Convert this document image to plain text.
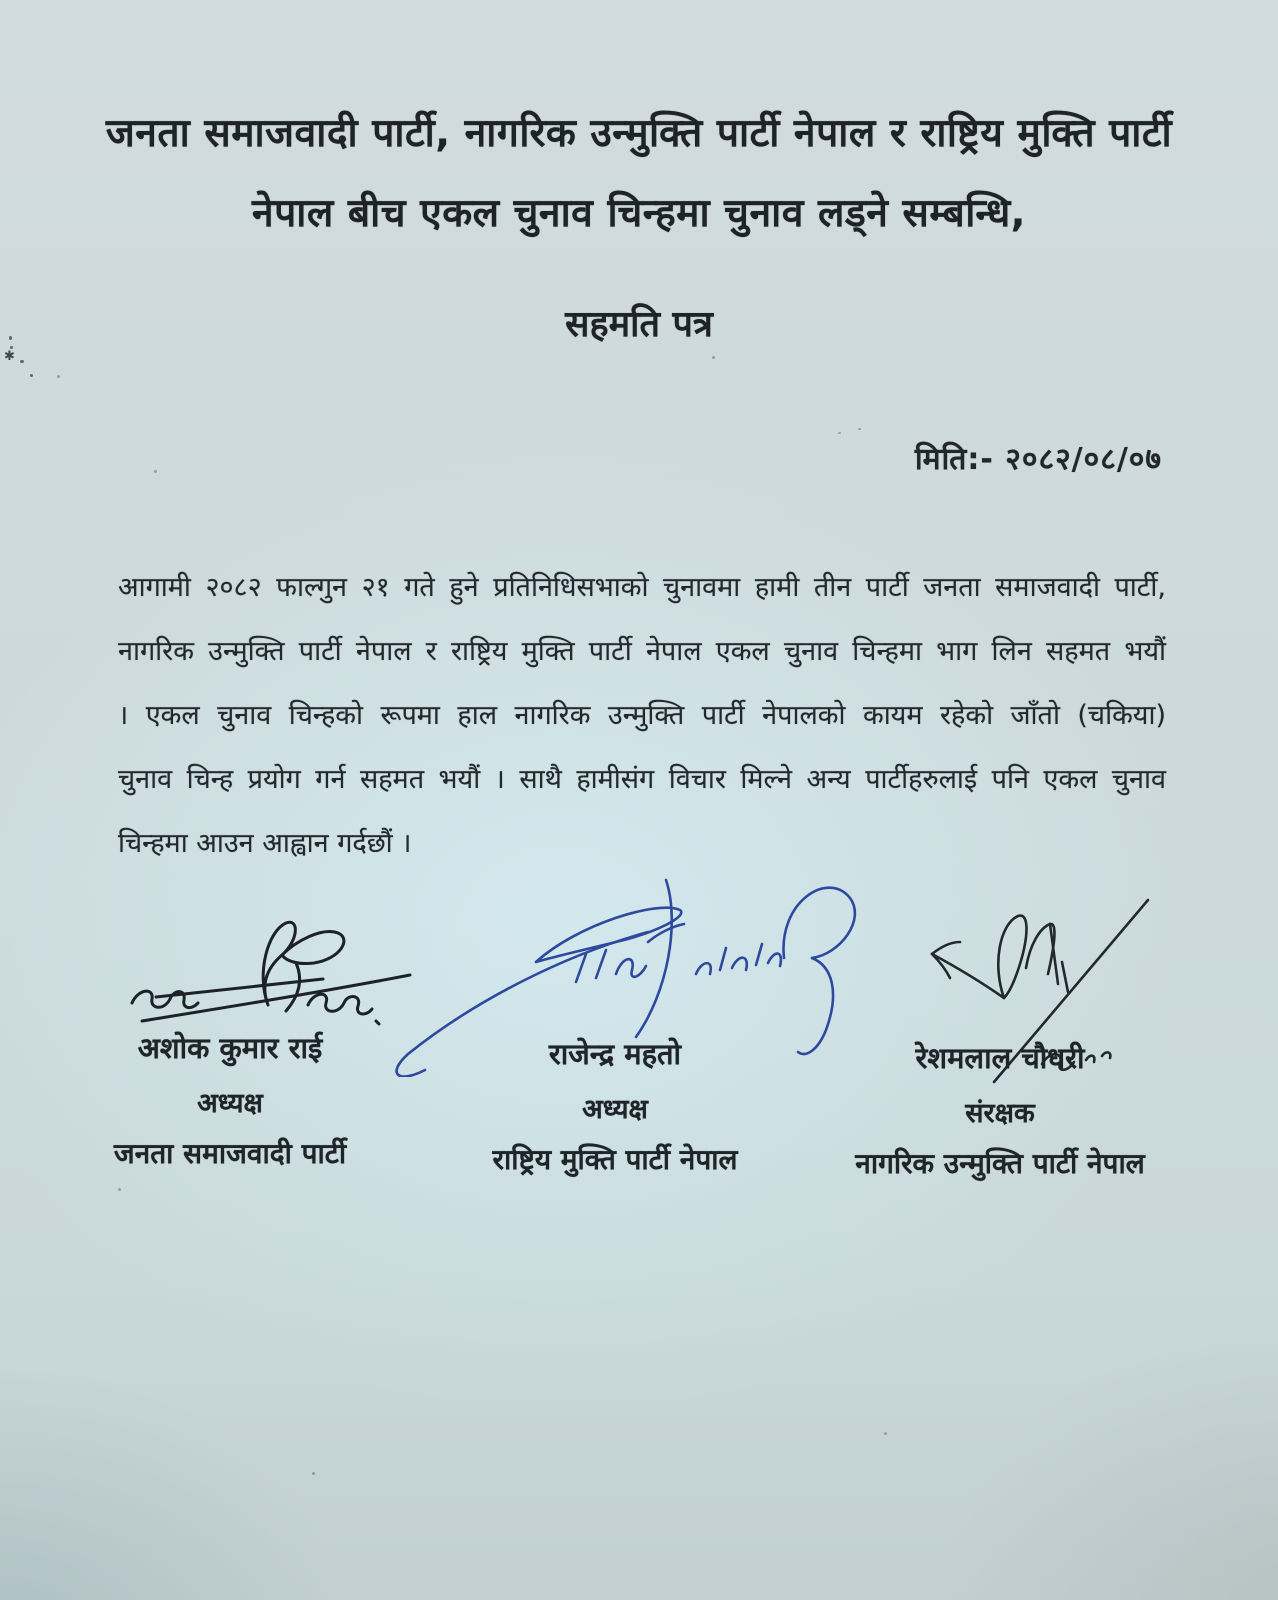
जनता समाजवादी पार्टी, नागरिक उन्मुक्ति पार्टी नेपाल र राष्ट्रिय मुक्ति पार्टी
नेपाल बीच एकल चुनाव चिन्हमा चुनाव लड्ने सम्बन्धि,
सहमति पत्र
मिति:- २०८२/०८/०७
आगामी २०८२ फाल्गुन २१ गते हुने प्रतिनिधिसभाको चुनावमा हामी तीन पार्टी जनता समाजवादी पार्टी,
नागरिक उन्मुक्ति पार्टी नेपाल र राष्ट्रिय मुक्ति पार्टी नेपाल एकल चुनाव चिन्हमा भाग लिन सहमत भयौं
। एकल चुनाव चिन्हको रूपमा हाल नागरिक उन्मुक्ति पार्टी नेपालको कायम रहेको जाँतो (चकिया)
चुनाव चिन्ह प्रयोग गर्न सहमत भयौं । साथै हामीसंग विचार मिल्ने अन्य पार्टीहरुलाई पनि एकल चुनाव
चिन्हमा आउन आह्वान गर्दछौं ।
अशोक कुमार राई
अध्यक्ष
जनता समाजवादी पार्टी
राजेन्द्र महतो
अध्यक्ष
राष्ट्रिय मुक्ति पार्टी नेपाल
रेशमलाल चौधरी
संरक्षक
नागरिक उन्मुक्ति पार्टी नेपाल
✱
